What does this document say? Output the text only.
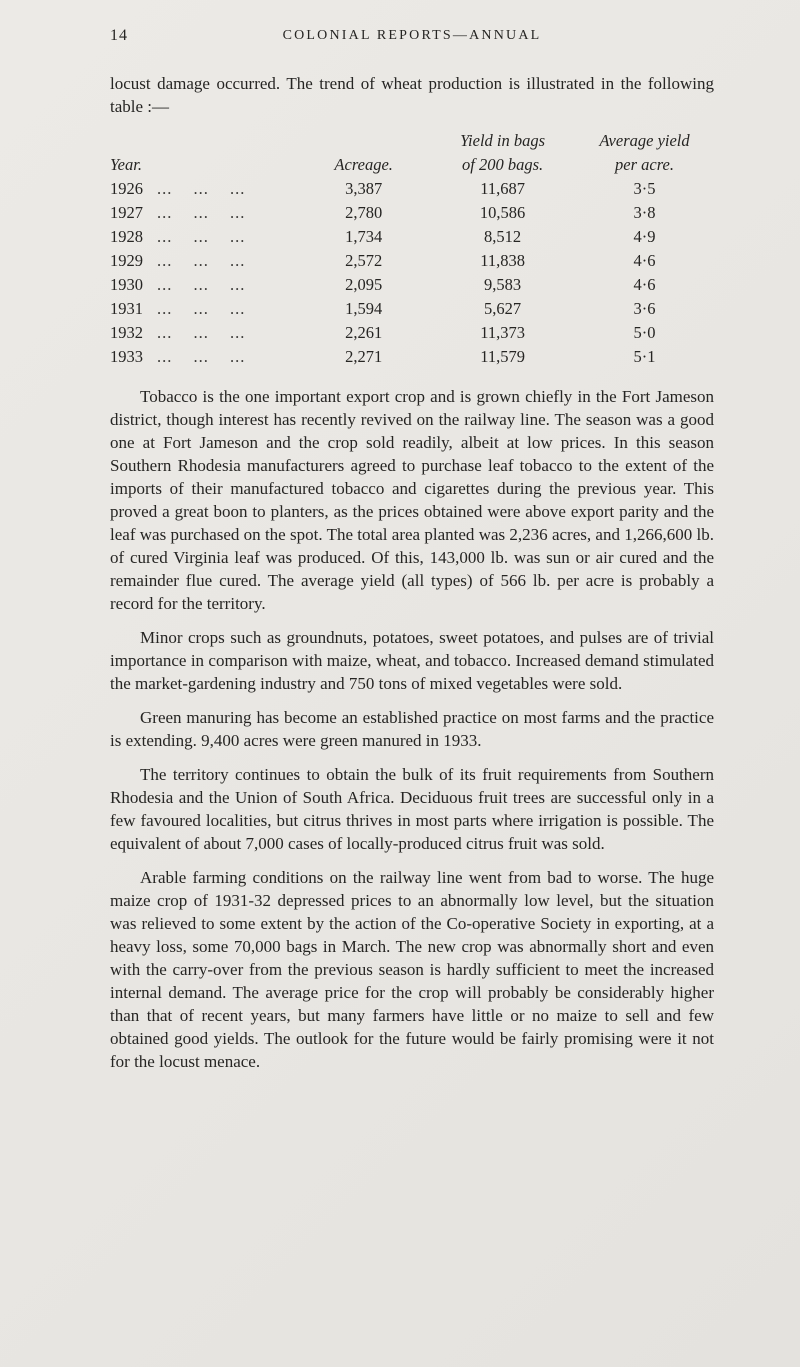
14	COLONIAL REPORTS—ANNUAL

locust damage occurred. The trend of wheat production is illustrated in the following table :—

		Yield in bags	Average yield
Year.	Acreage.	of 200 bags.	per acre.
1926 ... ... ...	3,387	11,687	3·5
1927 ... ... ...	2,780	10,586	3·8
1928 ... ... ...	1,734	8,512	4·9
1929 ... ... ...	2,572	11,838	4·6
1930 ... ... ...	2,095	9,583	4·6
1931 ... ... ...	1,594	5,627	3·6
1932 ... ... ...	2,261	11,373	5·0
1933 ... ... ...	2,271	11,579	5·1

Tobacco is the one important export crop and is grown chiefly in the Fort Jameson district, though interest has recently revived on the railway line. The season was a good one at Fort Jameson and the crop sold readily, albeit at low prices. In this season Southern Rhodesia manufacturers agreed to purchase leaf tobacco to the extent of the imports of their manufactured tobacco and cigarettes during the previous year. This proved a great boon to planters, as the prices obtained were above export parity and the leaf was purchased on the spot. The total area planted was 2,236 acres, and 1,266,600 lb. of cured Virginia leaf was produced. Of this, 143,000 lb. was sun or air cured and the remainder flue cured. The average yield (all types) of 566 lb. per acre is probably a record for the territory.

Minor crops such as groundnuts, potatoes, sweet potatoes, and pulses are of trivial importance in comparison with maize, wheat, and tobacco. Increased demand stimulated the market-gardening industry and 750 tons of mixed vegetables were sold.

Green manuring has become an established practice on most farms and the practice is extending. 9,400 acres were green manured in 1933.

The territory continues to obtain the bulk of its fruit requirements from Southern Rhodesia and the Union of South Africa. Deciduous fruit trees are successful only in a few favoured localities, but citrus thrives in most parts where irrigation is possible. The equivalent of about 7,000 cases of locally-produced citrus fruit was sold.

Arable farming conditions on the railway line went from bad to worse. The huge maize crop of 1931-32 depressed prices to an abnormally low level, but the situation was relieved to some extent by the action of the Co-operative Society in exporting, at a heavy loss, some 70,000 bags in March. The new crop was abnormally short and even with the carry-over from the previous season is hardly sufficient to meet the increased internal demand. The average price for the crop will probably be considerably higher than that of recent years, but many farmers have little or no maize to sell and few obtained good yields. The outlook for the future would be fairly promising were it not for the locust menace.
